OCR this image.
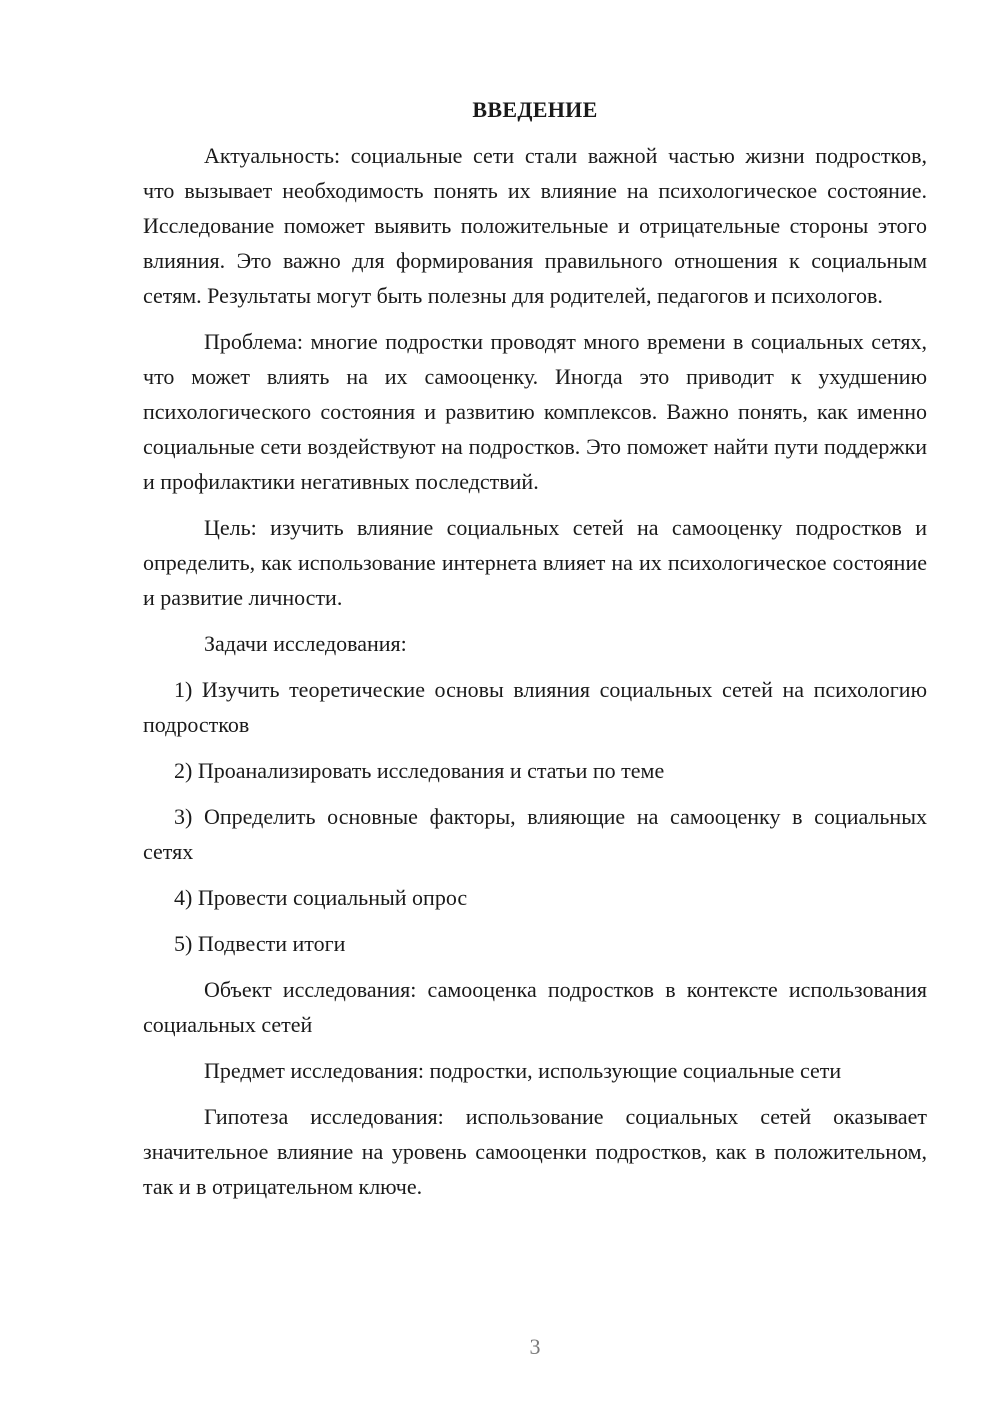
ВВЕДЕНИЕ

Актуальность: социальные сети стали важной частью жизни подростков, что вызывает необходимость понять их влияние на психологическое состояние. Исследование поможет выявить положительные и отрицательные стороны этого влияния. Это важно для формирования правильного отношения к социальным сетям. Результаты могут быть полезны для родителей, педагогов и психологов.

Проблема: многие подростки проводят много времени в социальных сетях, что может влиять на их самооценку. Иногда это приводит к ухудшению психологического состояния и развитию комплексов. Важно понять, как именно социальные сети воздействуют на подростков. Это поможет найти пути поддержки и профилактики негативных последствий.

Цель: изучить влияние социальных сетей на самооценку подростков и определить, как использование интернета влияет на их психологическое состояние и развитие личности.

Задачи исследования:

1) Изучить теоретические основы влияния социальных сетей на психологию подростков

2) Проанализировать исследования и статьи по теме

3) Определить основные факторы, влияющие на самооценку в социальных сетях

4) Провести социальный опрос

5) Подвести итоги

Объект исследования: самооценка подростков в контексте использования социальных сетей

Предмет исследования: подростки, использующие социальные сети

Гипотеза исследования: использование социальных сетей оказывает значительное влияние на уровень самооценки подростков, как в положительном, так и в отрицательном ключе.

3
